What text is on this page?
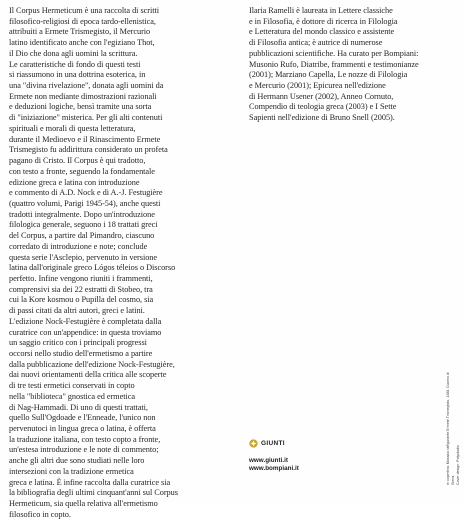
Il Corpus Hermeticum è una raccolta di scritti

filosofico-religiosi di epoca tardo-ellenistica,

attribuiti a Ermete Trismegisto, il Mercurio

latino identificato anche con l'egiziano Thot,

il Dio che dona agli uomini la scrittura.

Le caratteristiche di fondo di questi testi

si riassumono in una dottrina esoterica, in

una "divina rivelazione", donata agli uomini da

Ermete non mediante dimostrazioni razionali

e deduzioni logiche, bensì tramite una sorta

di "iniziazione" misterica. Per gli alti contenuti

spirituali e morali di questa letteratura,

durante il Medioevo e il Rinascimento Ermete

Trismegisto fu addirittura considerato un profeta

pagano di Cristo. Il Corpus è qui tradotto,

con testo a fronte, seguendo la fondamentale

edizione greca e latina con introduzione

e commento di A.D. Nock e di A.-J. Festugière

(quattro volumi, Parigi 1945-54), anche questi

tradotti integralmente. Dopo un'introduzione

filologica generale, seguono i 18 trattati greci

del Corpus, a partire dal Pimandro, ciascuno

corredato di introduzione e note; conclude

questa serie l'Asclepio, pervenuto in versione

latina dall'originale greco Lógos téleios o Discorso

perfetto. Infine vengono riuniti i frammenti,

comprensivi sia dei 22 estratti di Stobeo, tra

cui la Kore kosmou o Pupilla del cosmo, sia

di passi citati da altri autori, greci e latini.

L'edizione Nock-Festugière è completata dalla

curatrice con un'appendice: in questa troviamo

un saggio critico con i principali progressi

occorsi nello studio dell'ermetismo a partire

dalla pubblicazione dell'edizione Nock-Festugière,

dai nuovi orientamenti della critica alle scoperte

di tre testi ermetici conservati in copto

nella "biblioteca" gnostica ed ermetica

di Nag-Hammadi. Di uno di questi trattati,

quello Sull'Ogdoade e l'Enneade, l'unico non

pervenutoci in lingua greca o latina, è offerta

la traduzione italiana, con testo copto a fronte,

un'estesa introduzione e le note di commento;

anche gli altri due sono studiati nelle loro

intersezioni con la tradizione ermetica

greca e latina. È infine raccolta dalla curatrice sia

la bibliografia degli ultimi cinquant'anni sul Corpus

Hermeticum, sia quella relativa all'ermetismo

filosofico in copto.

Ilaria Ramelli è laureata in Lettere classiche

e in Filosofia, è dottore di ricerca in Filologia

e Letteratura del mondo classico e assistente

di Filosofia antica; è autrice di numerose

pubblicazioni scientifiche. Ha curato per Bompiani:

Musonio Rufo, Diatribe, frammenti e testimonianze

(2001); Marziano Capella, Le nozze di Filologia

e Mercurio (2001); Epicurea nell'edizione

di Hermann Usener (2002), Anneo Cornuto,

Compendio di teologia greca (2003) e I Sette

Sapienti nell'edizione di Bruno Snell (2005).

GIUNTI
www.giunti.it
www.bompiani.it	In copertina: Mosaico raffigurante Ermete Trismegisto, 1488. Duomo di Siena. Cover design: Polystudio
